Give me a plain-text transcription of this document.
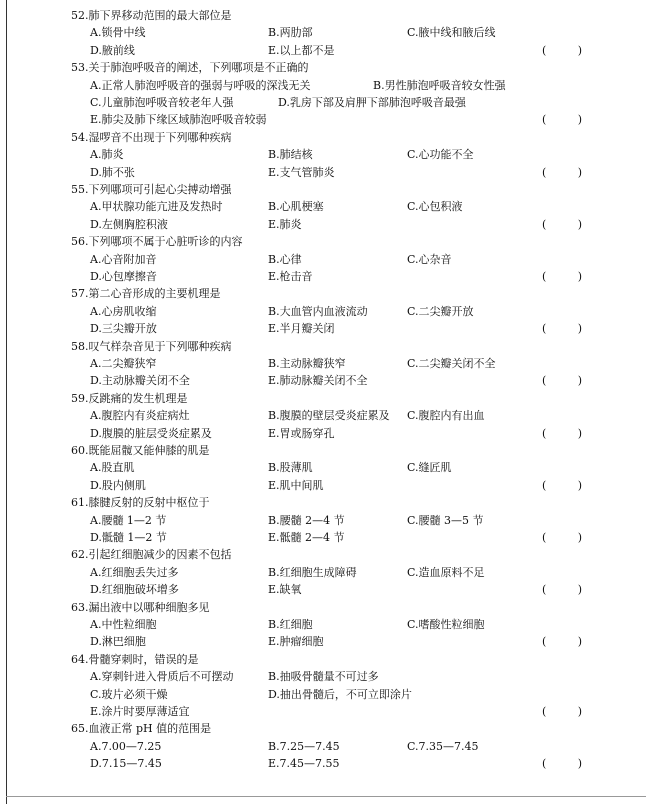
52.肺下界移动范围的最大部位是
A.锁骨中线	B.两肋部	C.腋中线和腋后线
D.腋前线	E.以上都不是	(	)
53.关于肺泡呼吸音的阐述，下列哪项是不正确的
A.正常人肺泡呼吸音的强弱与呼吸的深浅无关	B.男性肺泡呼吸音较女性强
C.儿童肺泡呼吸音较老年人强	D.乳房下部及肩胛下部肺泡呼吸音最强
E.肺尖及肺下缘区域肺泡呼吸音较弱	(	)
54.湿啰音不出现于下列哪种疾病
A.肺炎	B.肺结核	C.心功能不全
D.肺不张	E.支气管肺炎	(	)
55.下列哪项可引起心尖搏动增强
A.甲状腺功能亢进及发热时	B.心肌梗塞	C.心包积液
D.左侧胸腔积液	E.肺炎	(	)
56.下列哪项不属于心脏听诊的内容
A.心音附加音	B.心律	C.心杂音
D.心包摩擦音	E.枪击音	(	)
57.第二心音形成的主要机理是
A.心房肌收缩	B.大血管内血液流动	C.二尖瓣开放
D.三尖瓣开放	E.半月瓣关闭	(	)
58.叹气样杂音见于下列哪种疾病
A.二尖瓣狭窄	B.主动脉瓣狭窄	C.二尖瓣关闭不全
D.主动脉瓣关闭不全	E.肺动脉瓣关闭不全	(	)
59.反跳痛的发生机理是
A.腹腔内有炎症病灶	B.腹膜的壁层受炎症累及 C.腹腔内有出血
D.腹膜的脏层受炎症累及	E.胃或肠穿孔	(	)
60.既能屈髋又能伸膝的肌是
A.股直肌	B.股薄肌	C.缝匠肌
D.股内侧肌	E.肌中间肌	(	)
61.膝腱反射的反射中枢位于
A.腰髓 1—2 节	B.腰髓 2—4 节	C.腰髓 3—5 节
D.骶髓 1—2 节	E.骶髓 2—4 节	(	)
62.引起红细胞减少的因素不包括
A.红细胞丢失过多	B.红细胞生成障碍	C.造血原料不足
D.红细胞破坏增多	E.缺氧	(	)
63.漏出液中以哪种细胞多见
A.中性粒细胞	B.红细胞	C.嗜酸性粒细胞
D.淋巴细胞	E.肿瘤细胞	(	)
64.骨髓穿刺时，错误的是
A.穿刺针进入骨质后不可摆动	B.抽吸骨髓量不可过多
C.玻片必须干燥	D.抽出骨髓后，不可立即涂片
E.涂片时要厚薄适宜	(	)
65.血液正常 pH 值的范围是
A.7.00—7.25	B.7.25—7.45	C.7.35—7.45
D.7.15—7.45	E.7.45—7.55	(	)
